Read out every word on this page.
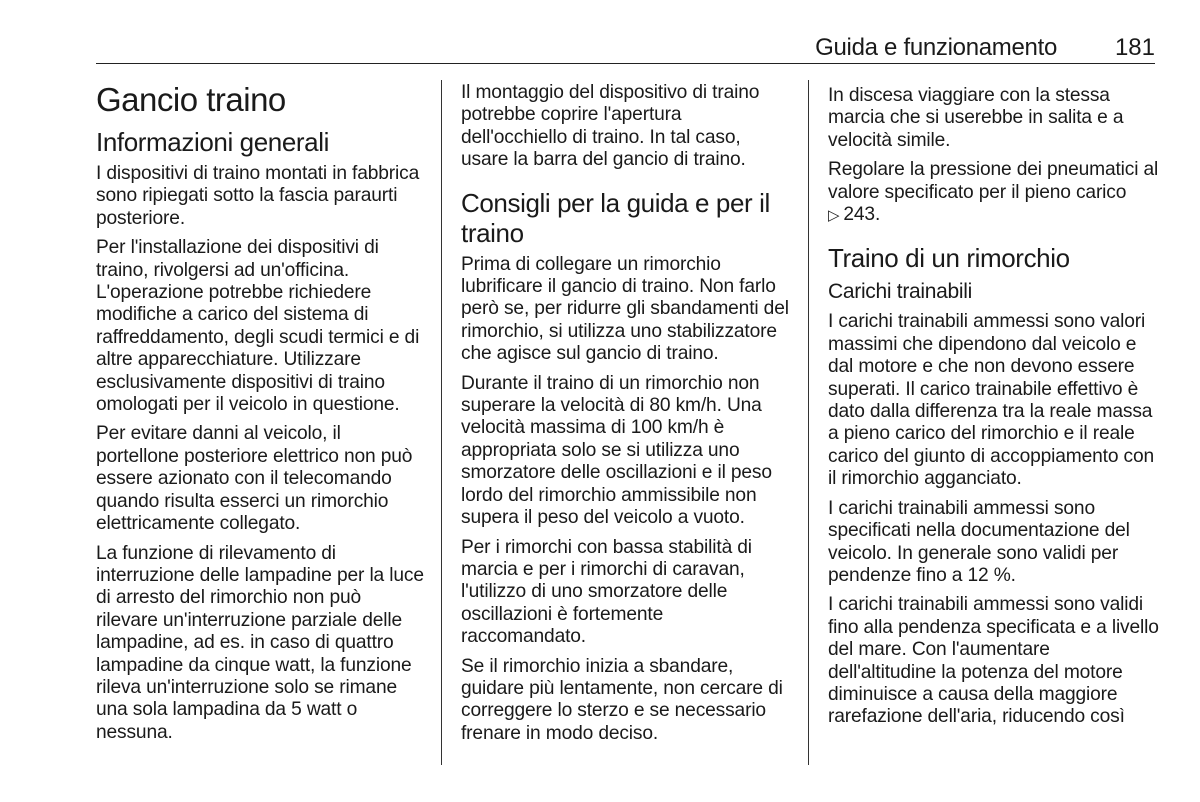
Guida e funzionamento 181
Gancio traino
Informazioni generali

I dispositivi di traino montati in fabbrica sono ripiegati sotto la fascia paraurti posteriore.

Per l'installazione dei dispositivi di traino, rivolgersi ad un'officina. L'operazione potrebbe richiedere modifiche a carico del sistema di raffreddamento, degli scudi termici e di altre apparecchiature. Utilizzare esclusivamente dispositivi di traino omologati per il veicolo in questione.

Per evitare danni al veicolo, il portellone posteriore elettrico non può essere azionato con il telecomando quando risulta esserci un rimorchio elettricamente collegato.

La funzione di rilevamento di interruzione delle lampadine per la luce di arresto del rimorchio non può rilevare un'interruzione parziale delle lampadine, ad es. in caso di quattro lampadine da cinque watt, la funzione rileva un'interruzione solo se rimane una sola lampadina da 5 watt o nessuna.

Il montaggio del dispositivo di traino potrebbe coprire l'apertura dell'occhiello di traino. In tal caso, usare la barra del gancio di traino.

Consigli per la guida e per il traino

Prima di collegare un rimorchio lubrificare il gancio di traino. Non farlo però se, per ridurre gli sbandamenti del rimorchio, si utilizza uno stabilizzatore che agisce sul gancio di traino.

Durante il traino di un rimorchio non superare la velocità di 80 km/h. Una velocità massima di 100 km/h è appropriata solo se si utilizza uno smorzatore delle oscillazioni e il peso lordo del rimorchio ammissibile non supera il peso del veicolo a vuoto.

Per i rimorchi con bassa stabilità di marcia e per i rimorchi di caravan, l'utilizzo di uno smorzatore delle oscillazioni è fortemente raccomandato.

Se il rimorchio inizia a sbandare, guidare più lentamente, non cercare di correggere lo sterzo e se necessario frenare in modo deciso.

In discesa viaggiare con la stessa marcia che si userebbe in salita e a velocità simile.

Regolare la pressione dei pneumatici al valore specificato per il pieno carico
▷ 243.

Traino di un rimorchio
Carichi trainabili

I carichi trainabili ammessi sono valori massimi che dipendono dal veicolo e dal motore e che non devono essere superati. Il carico trainabile effettivo è dato dalla differenza tra la reale massa a pieno carico del rimorchio e il reale carico del giunto di accoppiamento con il rimorchio agganciato.

I carichi trainabili ammessi sono specificati nella documentazione del veicolo. In generale sono validi per pendenze fino a 12 %.

I carichi trainabili ammessi sono validi fino alla pendenza specificata e a livello del mare. Con l'aumentare dell'altitudine la potenza del motore diminuisce a causa della maggiore rarefazione dell'aria, riducendo così
